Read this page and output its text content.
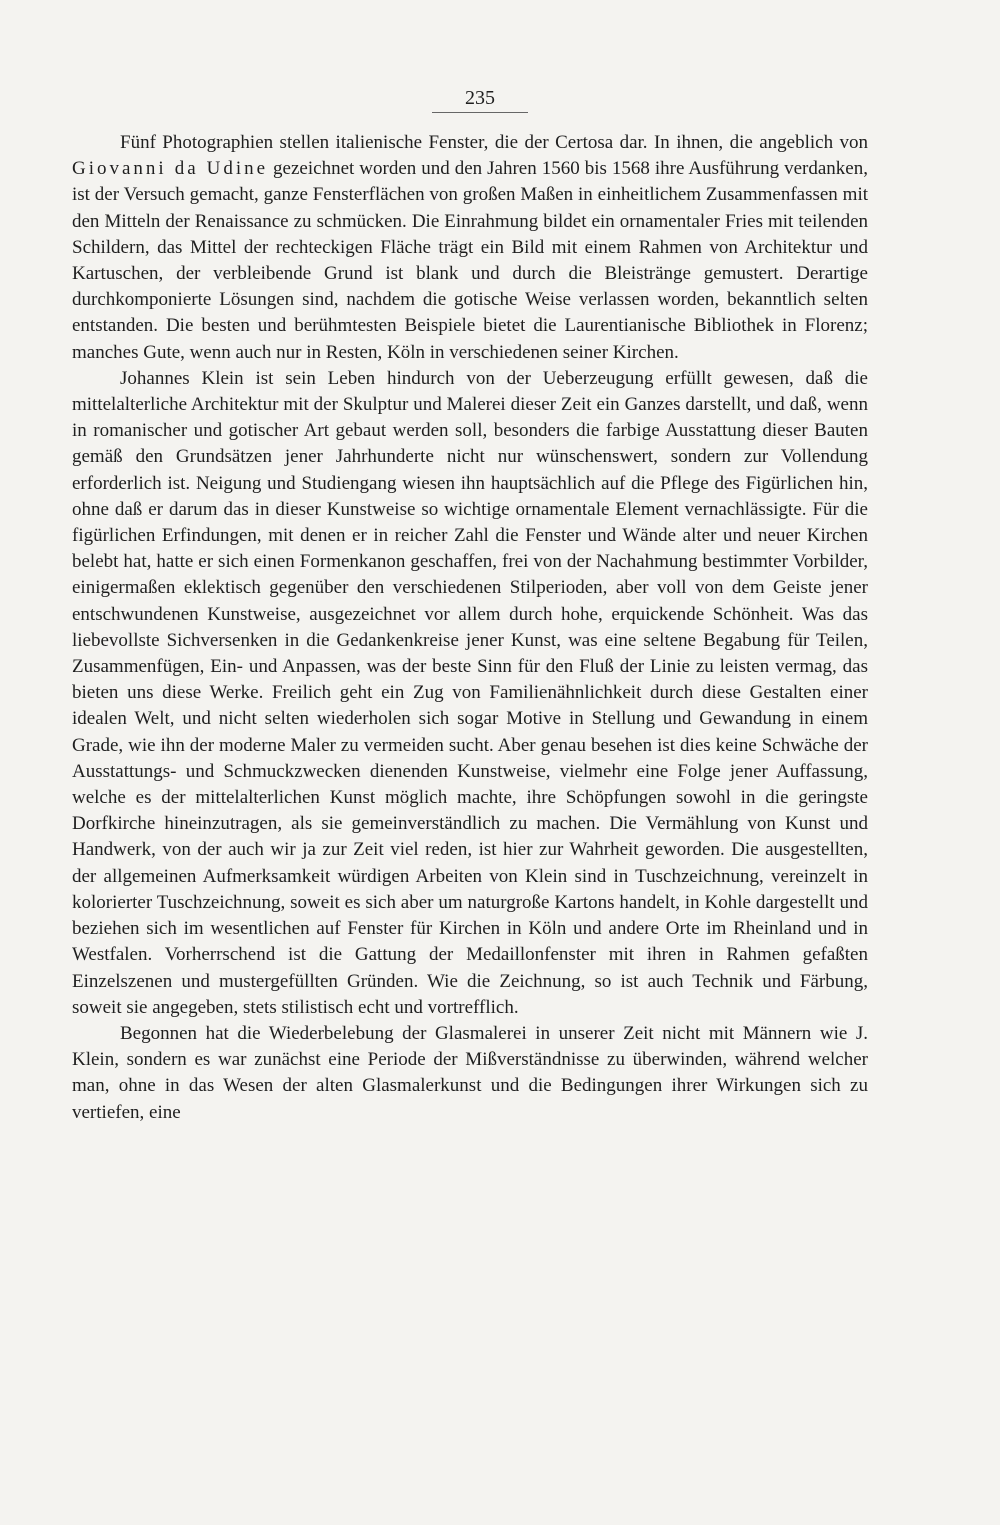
235

Fünf Photographien stellen italienische Fenster, die der Certosa dar. In ihnen, die angeblich von Giovanni da Udine gezeichnet worden und den Jahren 1560 bis 1568 ihre Ausführung verdanken, ist der Versuch gemacht, ganze Fensterflächen von großen Maßen in einheitlichem Zusammenfassen mit den Mitteln der Renaissance zu schmücken. Die Einrahmung bildet ein ornamentaler Fries mit teilenden Schildern, das Mittel der rechteckigen Fläche trägt ein Bild mit einem Rahmen von Architektur und Kartuschen, der verbleibende Grund ist blank und durch die Bleistränge gemustert. Derartige durchkomponierte Lösungen sind, nachdem die gotische Weise verlassen worden, bekanntlich selten entstanden. Die besten und berühmtesten Beispiele bietet die Laurentianische Bibliothek in Florenz; manches Gute, wenn auch nur in Resten, Köln in verschiedenen seiner Kirchen.

Johannes Klein ist sein Leben hindurch von der Ueberzeugung erfüllt gewesen, daß die mittelalterliche Architektur mit der Skulptur und Malerei dieser Zeit ein Ganzes darstellt, und daß, wenn in romanischer und gotischer Art gebaut werden soll, besonders die farbige Ausstattung dieser Bauten gemäß den Grundsätzen jener Jahrhunderte nicht nur wünschenswert, sondern zur Vollendung erforderlich ist. Neigung und Studiengang wiesen ihn hauptsächlich auf die Pflege des Figürlichen hin, ohne daß er darum das in dieser Kunstweise so wichtige ornamentale Element vernachlässigte. Für die figürlichen Erfindungen, mit denen er in reicher Zahl die Fenster und Wände alter und neuer Kirchen belebt hat, hatte er sich einen Formenkanon geschaffen, frei von der Nachahmung bestimmter Vorbilder, einigermaßen eklektisch gegenüber den verschiedenen Stilperioden, aber voll von dem Geiste jener entschwundenen Kunstweise, ausgezeichnet vor allem durch hohe, erquickende Schönheit. Was das liebevollste Sichversenken in die Gedankenkreise jener Kunst, was eine seltene Begabung für Teilen, Zusammenfügen, Ein- und Anpassen, was der beste Sinn für den Fluß der Linie zu leisten vermag, das bieten uns diese Werke. Freilich geht ein Zug von Familienähnlichkeit durch diese Gestalten einer idealen Welt, und nicht selten wiederholen sich sogar Motive in Stellung und Gewandung in einem Grade, wie ihn der moderne Maler zu vermeiden sucht. Aber genau besehen ist dies keine Schwäche der Ausstattungs- und Schmuckzwecken dienenden Kunstweise, vielmehr eine Folge jener Auffassung, welche es der mittelalterlichen Kunst möglich machte, ihre Schöpfungen sowohl in die geringste Dorfkirche hineinzutragen, als sie gemeinverständlich zu machen. Die Vermählung von Kunst und Handwerk, von der auch wir ja zur Zeit viel reden, ist hier zur Wahrheit geworden. Die ausgestellten, der allgemeinen Aufmerksamkeit würdigen Arbeiten von Klein sind in Tuschzeichnung, vereinzelt in kolorierter Tuschzeichnung, soweit es sich aber um naturgroße Kartons handelt, in Kohle dargestellt und beziehen sich im wesentlichen auf Fenster für Kirchen in Köln und andere Orte im Rheinland und in Westfalen. Vorherrschend ist die Gattung der Medaillonfenster mit ihren in Rahmen gefaßten Einzelszenen und mustergefüllten Gründen. Wie die Zeichnung, so ist auch Technik und Färbung, soweit sie angegeben, stets stilistisch echt und vortrefflich.

Begonnen hat die Wiederbelebung der Glasmalerei in unserer Zeit nicht mit Männern wie J. Klein, sondern es war zunächst eine Periode der Mißverständnisse zu überwinden, während welcher man, ohne in das Wesen der alten Glasmalerkunst und die Bedingungen ihrer Wirkungen sich zu vertiefen, eine
